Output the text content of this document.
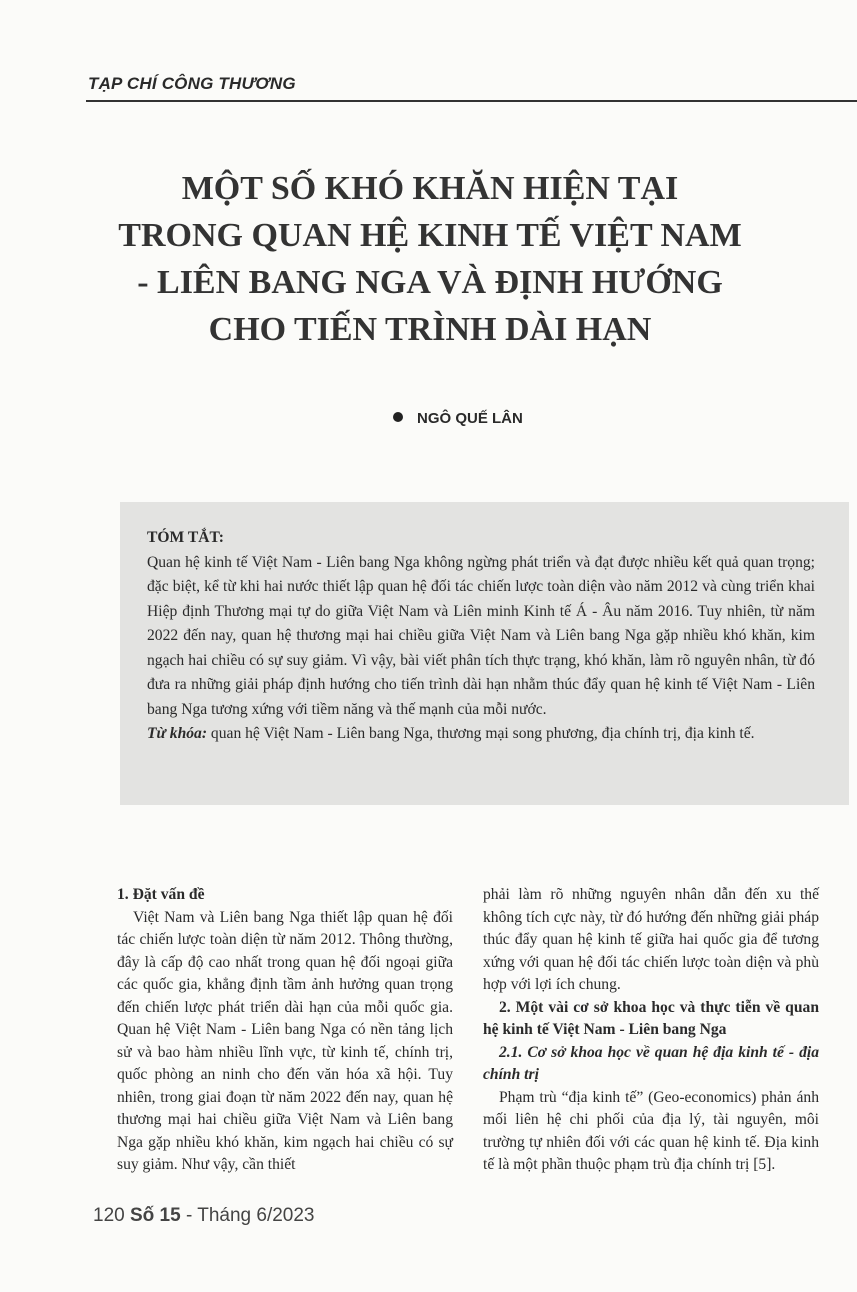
TẠP CHÍ CÔNG THƯƠNG
MỘT SỐ KHÓ KHĂN HIỆN TẠI
TRONG QUAN HỆ KINH TẾ VIỆT NAM
- LIÊN BANG NGA VÀ ĐỊNH HƯỚNG
CHO TIẾN TRÌNH DÀI HẠN
NGÔ QUẾ LÂN

TÓM TẮT:

Quan hệ kinh tế Việt Nam - Liên bang Nga không ngừng phát triển và đạt được nhiều kết quả quan trọng; đặc biệt, kể từ khi hai nước thiết lập quan hệ đối tác chiến lược toàn diện vào năm 2012 và cùng triển khai Hiệp định Thương mại tự do giữa Việt Nam và Liên minh Kinh tế Á - Âu năm 2016. Tuy nhiên, từ năm 2022 đến nay, quan hệ thương mại hai chiều giữa Việt Nam và Liên bang Nga gặp nhiều khó khăn, kim ngạch hai chiều có sự suy giảm. Vì vậy, bài viết phân tích thực trạng, khó khăn, làm rõ nguyên nhân, từ đó đưa ra những giải pháp định hướng cho tiến trình dài hạn nhằm thúc đẩy quan hệ kinh tế Việt Nam - Liên bang Nga tương xứng với tiềm năng và thế mạnh của mỗi nước.

Từ khóa: quan hệ Việt Nam - Liên bang Nga, thương mại song phương, địa chính trị, địa kinh tế.

1. Đặt vấn đề

Việt Nam và Liên bang Nga thiết lập quan hệ đối tác chiến lược toàn diện từ năm 2012. Thông thường, đây là cấp độ cao nhất trong quan hệ đối ngoại giữa các quốc gia, khẳng định tầm ảnh hưởng quan trọng đến chiến lược phát triển dài hạn của mỗi quốc gia. Quan hệ Việt Nam - Liên bang Nga có nền tảng lịch sử và bao hàm nhiều lĩnh vực, từ kinh tế, chính trị, quốc phòng an ninh cho đến văn hóa xã hội. Tuy nhiên, trong giai đoạn từ năm 2022 đến nay, quan hệ thương mại hai chiều giữa Việt Nam và Liên bang Nga gặp nhiều khó khăn, kim ngạch hai chiều có sự suy giảm. Như vậy, cần thiết

phải làm rõ những nguyên nhân dẫn đến xu thế không tích cực này, từ đó hướng đến những giải pháp thúc đẩy quan hệ kinh tế giữa hai quốc gia để tương xứng với quan hệ đối tác chiến lược toàn diện và phù hợp với lợi ích chung.

2. Một vài cơ sở khoa học và thực tiễn về quan hệ kinh tế Việt Nam - Liên bang Nga

2.1. Cơ sở khoa học về quan hệ địa kinh tế - địa chính trị

Phạm trù “địa kinh tế” (Geo-economics) phản ánh mối liên hệ chi phối của địa lý, tài nguyên, môi trường tự nhiên đối với các quan hệ kinh tế. Địa kinh tế là một phần thuộc phạm trù địa chính trị [5].

120 Số 15 - Tháng 6/2023
